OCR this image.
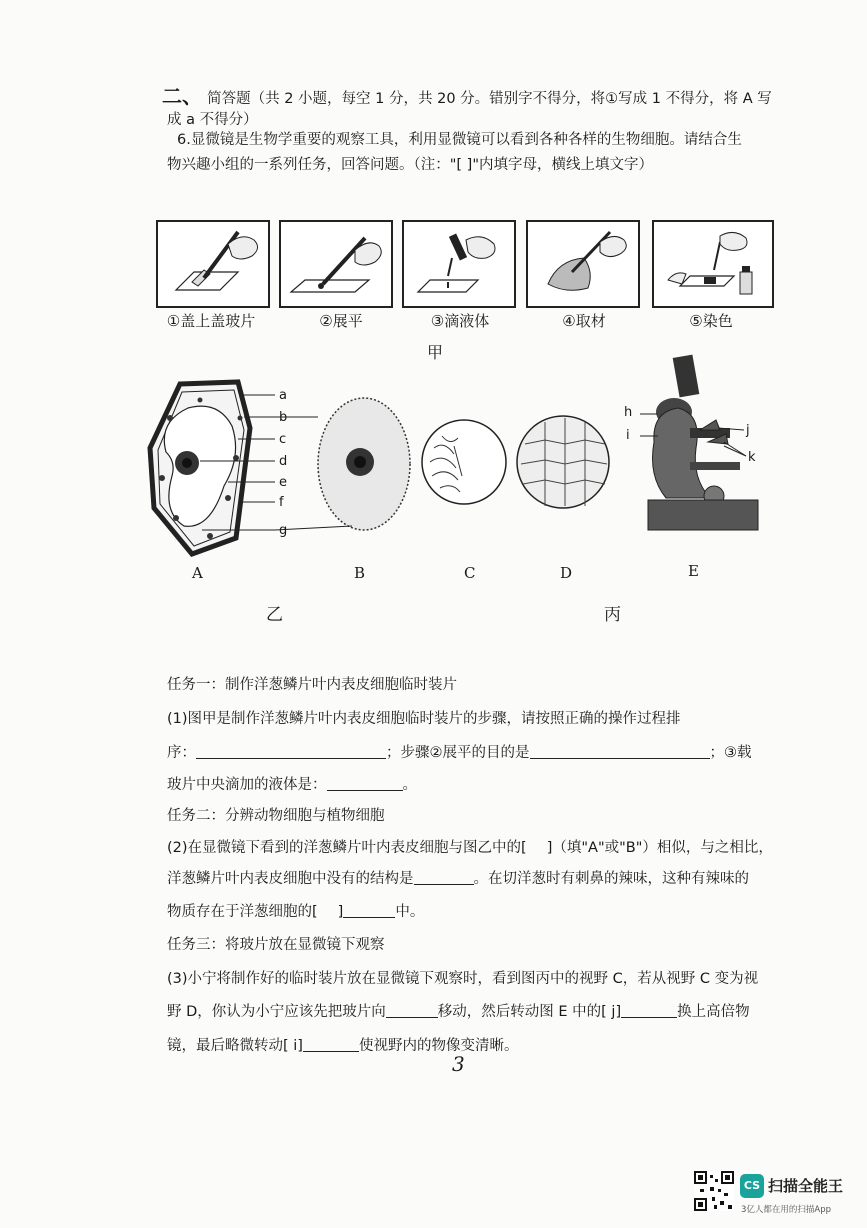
二、 简答题（共 2 小题，每空 1 分，共 20 分。错别字不得分，将①写成 1 不得分，将 A 写
成 a 不得分）
6.显微镜是生物学重要的观察工具，利用显微镜可以看到各种各样的生物细胞。请结合生
物兴趣小组的一系列任务，回答问题。（注："[ ]"内填字母，横线上填文字）
①盖上盖玻片	②展平	③滴液体	④取材	⑤染色
甲
a
b
c
d
e
f
g
A	B
乙
h
i	j
k
C	D	E
丙
任务一：制作洋葱鳞片叶内表皮细胞临时装片
(1)图甲是制作洋葱鳞片叶内表皮细胞临时装片的步骤，请按照正确的操作过程排
序：	；步骤②展平的目的是	；③载
玻片中央滴加的液体是：	。
任务二：分辨动物细胞与植物细胞
(2)在显微镜下看到的洋葱鳞片叶内表皮细胞与图乙中的[ ]（填"A"或"B"）相似，与之相比，
洋葱鳞片叶内表皮细胞中没有的结构是	。在切洋葱时有刺鼻的辣味，这种有辣味的
物质存在于洋葱细胞的[ ]	中。
任务三：将玻片放在显微镜下观察
(3)小宁将制作好的临时装片放在显微镜下观察时，看到图丙中的视野 C，若从视野 C 变为视
野 D，你认为小宁应该先把玻片向	移动，然后转动图 E 中的[ j]	换上高倍物
镜，最后略微转动[ i]	使视野内的物像变清晰。
3
CS 扫描全能王
3亿人都在用的扫描App
